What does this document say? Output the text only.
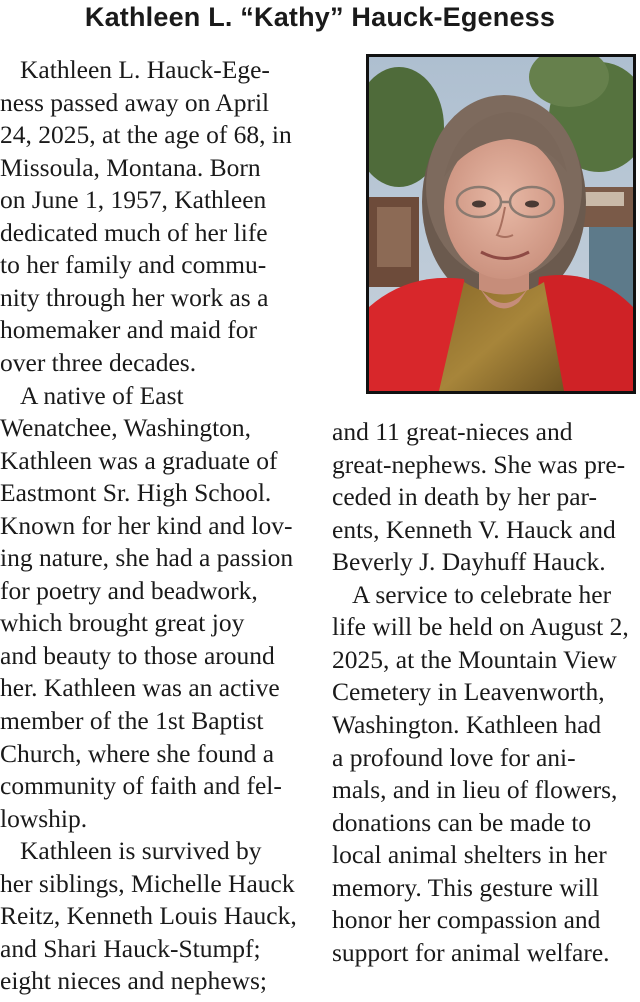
Kathleen L. “Kathy” Hauck-Egeness
Kathleen L. Hauck-Ege-
ness passed away on April
24, 2025, at the age of 68, in
Missoula, Montana. Born
on June 1, 1957, Kathleen
dedicated much of her life
to her family and commu-
nity through her work as a
homemaker and maid for
over three decades.
A native of East
Wenatchee, Washington,
Kathleen was a graduate of
Eastmont Sr. High School.
Known for her kind and lov-
ing nature, she had a passion
for poetry and beadwork,
which brought great joy
and beauty to those around
her. Kathleen was an active
member of the 1st Baptist
Church, where she found a
community of faith and fel-
lowship.
Kathleen is survived by
her siblings, Michelle Hauck
Reitz, Kenneth Louis Hauck,
and Shari Hauck-Stumpf;
eight nieces and nephews;
and 11 great-nieces and
great-nephews. She was pre-
ceded in death by her par-
ents, Kenneth V. Hauck and
Beverly J. Dayhuff Hauck.
A service to celebrate her
life will be held on August 2,
2025, at the Mountain View
Cemetery in Leavenworth,
Washington. Kathleen had
a profound love for ani-
mals, and in lieu of flowers,
donations can be made to
local animal shelters in her
memory. This gesture will
honor her compassion and
support for animal welfare.
